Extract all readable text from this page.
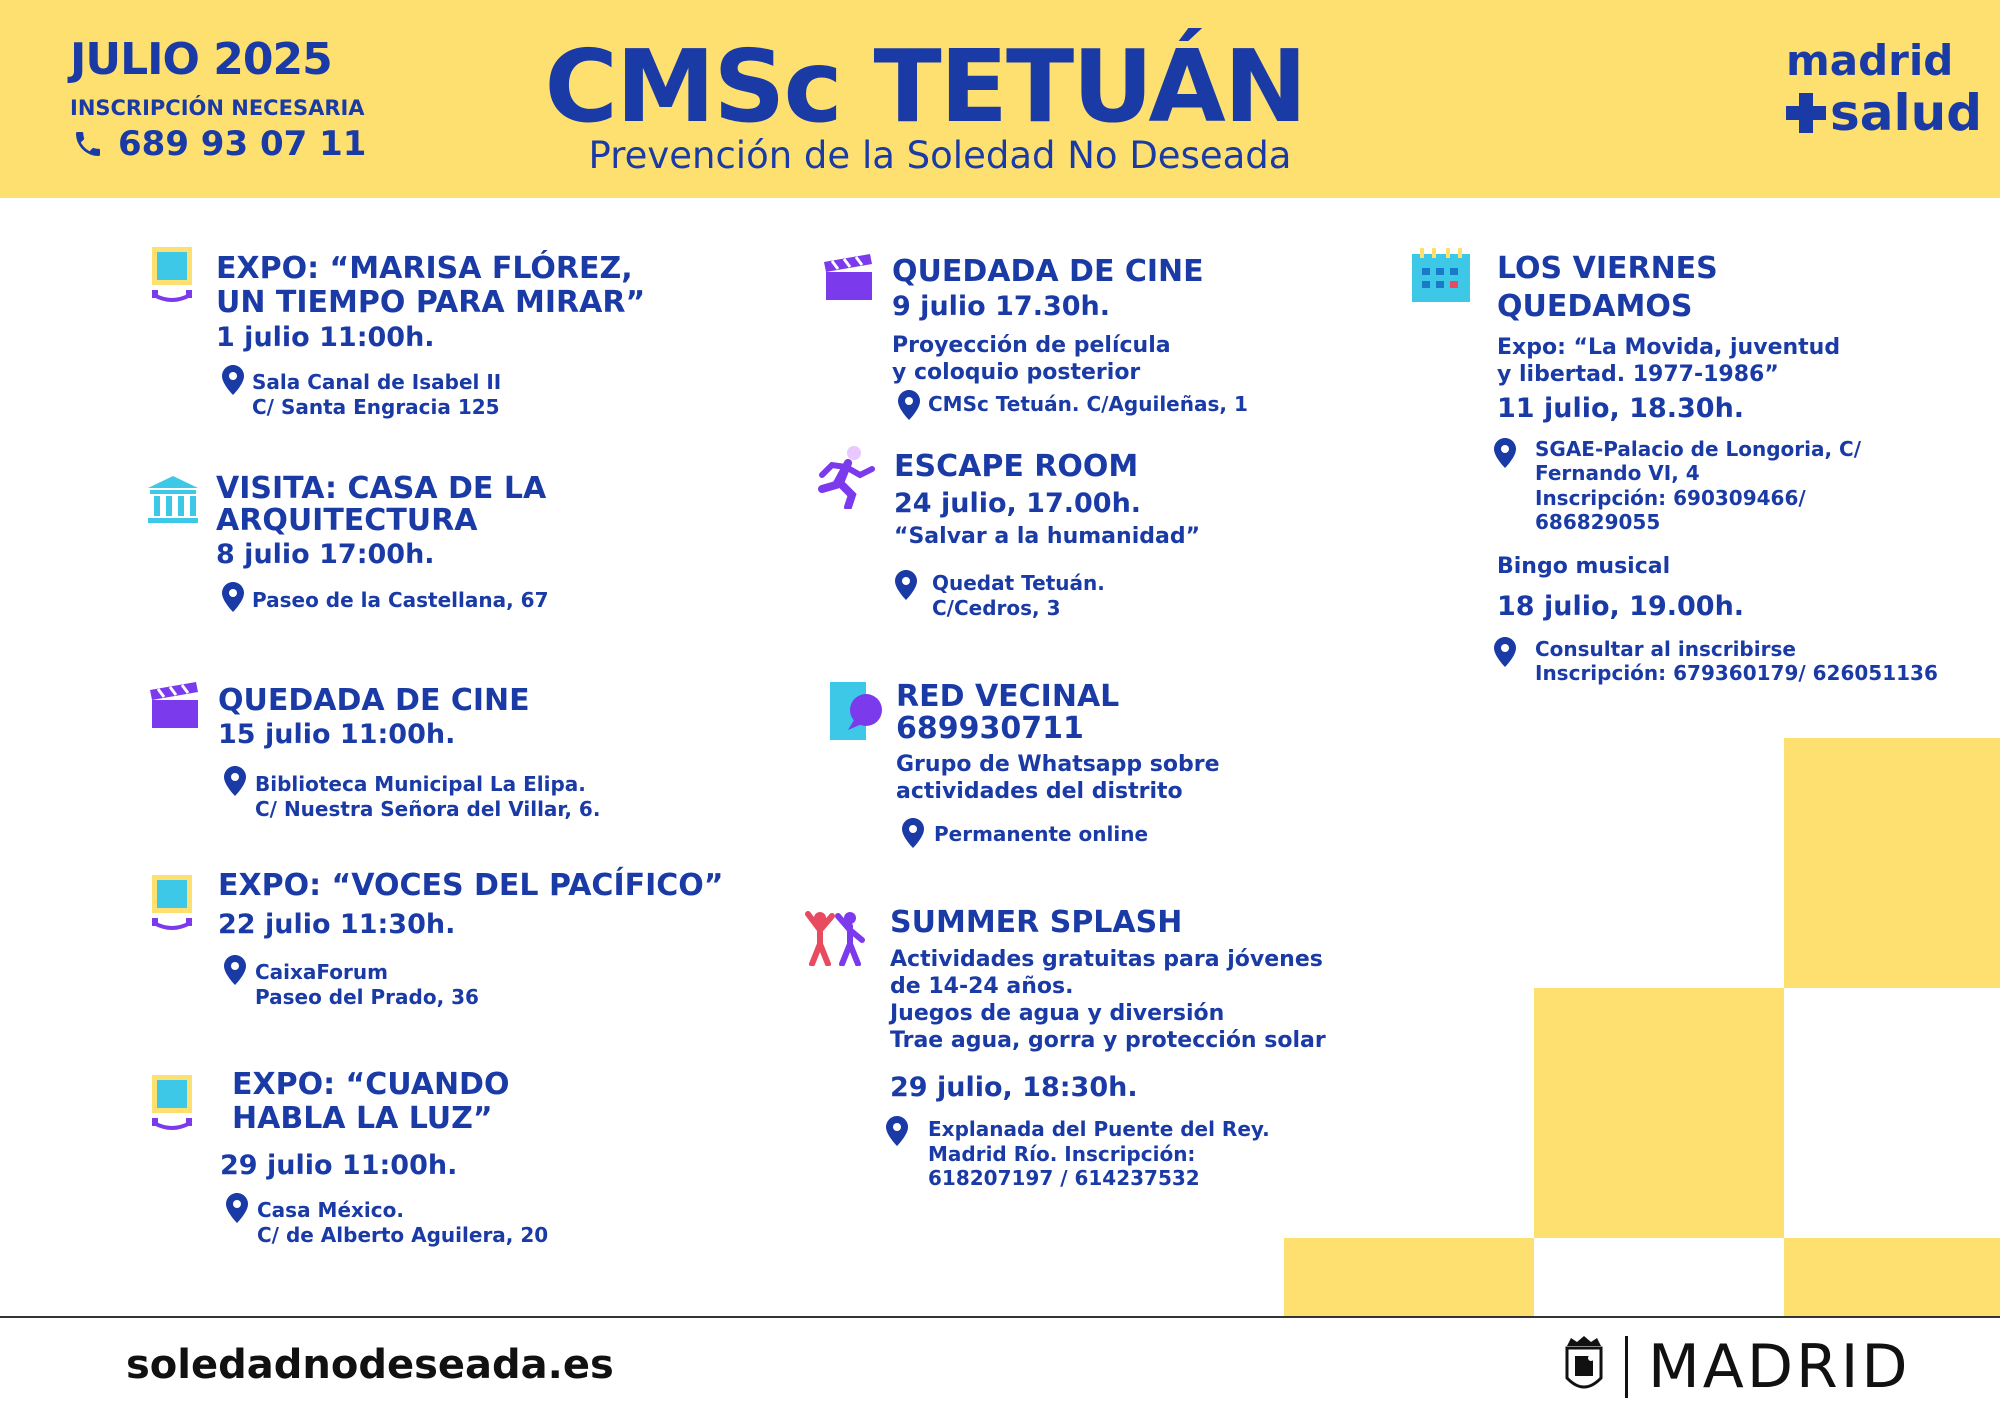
JULIO 2025
INSCRIPCIÓN NECESARIA
689 93 07 11	CMSc TETUÁN
Prevención de la Soledad No Deseada
madrid
salud
EXPO: “MARISA FLÓREZ,
UN TIEMPO PARA MIRAR”
1 julio 11:00h.
Sala Canal de Isabel II
C/ Santa Engracia 125
VISITA: CASA DE LA
ARQUITECTURA
8 julio 17:00h.
Paseo de la Castellana, 67
QUEDADA DE CINE
15 julio 11:00h.
Biblioteca Municipal La Elipa.
C/ Nuestra Señora del Villar, 6.
EXPO: “VOCES DEL PACÍFICO”
22 julio 11:30h.
CaixaForum
Paseo del Prado, 36
EXPO: “CUANDO
HABLA LA LUZ”
29 julio 11:00h.
Casa México.
C/ de Alberto Aguilera, 20
QUEDADA DE CINE
9 julio 17.30h.
Proyección de película
y coloquio posterior
CMSc Tetuán. C/Aguileñas, 1
ESCAPE ROOM
24 julio, 17.00h.
“Salvar a la humanidad”
Quedat Tetuán.
C/Cedros, 3
RED VECINAL
689930711
Grupo de Whatsapp sobre
actividades del distrito
Permanente online
SUMMER SPLASH
Actividades gratuitas para jóvenes
de 14-24 años.
Juegos de agua y diversión
Trae agua, gorra y protección solar
29 julio, 18:30h.
Explanada del Puente del Rey.
Madrid Río. Inscripción:
618207197 / 614237532
LOS VIERNES
QUEDAMOS
Expo: “La Movida, juventud
y libertad. 1977-1986”
11 julio, 18.30h.
SGAE-Palacio de Longoria, C/
Fernando VI, 4
Inscripción: 690309466/
686829055
Bingo musical
18 julio, 19.00h.
Consultar al inscribirse
Inscripción: 679360179/ 626051136
soledadnodeseada.es	MADRID
